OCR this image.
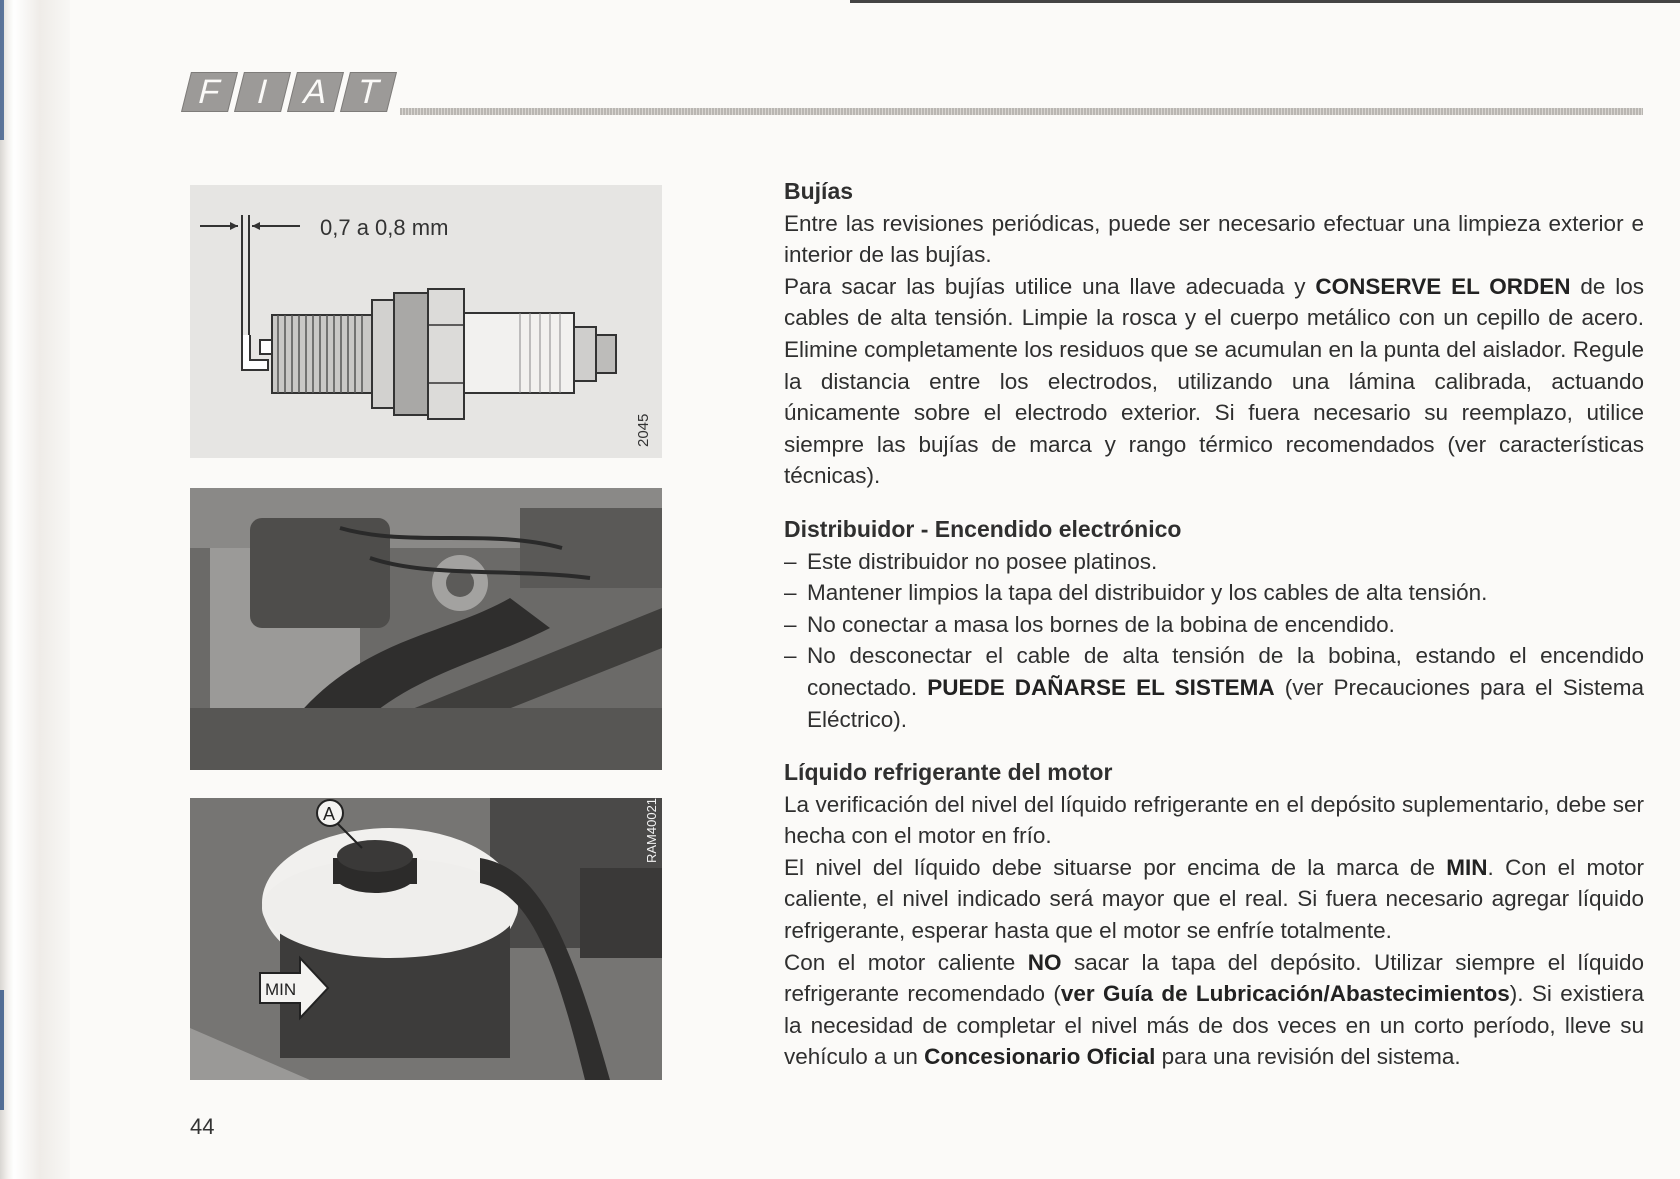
F I A T
0,7 a 0,8 mm
2045
A
MIN
RAM40021
Bujías

Entre las revisiones periódicas, puede ser necesario efectuar una limpieza exterior e interior de las bujías.

Para sacar las bujías utilice una llave adecuada y CONSERVE EL ORDEN de los cables de alta tensión. Limpie la rosca y el cuerpo metálico con un cepillo de acero. Elimine completamente los residuos que se acumulan en la punta del aislador. Regule la distancia entre los electrodos, utilizando una lámina calibrada, actuando únicamente sobre el electrodo exterior. Si fuera necesario su reemplazo, utilice siempre las bujías de marca y rango térmico recomendados (ver características técnicas).

Distribuidor - Encendido electrónico
– Este distribuidor no posee platinos.
– Mantener limpios la tapa del distribuidor y los cables de alta tensión.
– No conectar a masa los bornes de la bobina de encendido.
– No desconectar el cable de alta tensión de la bobina, estando el encendido conectado. PUEDE DAÑARSE EL SISTEMA (ver Precauciones para el Sistema Eléctrico).
Líquido refrigerante del motor

La verificación del nivel del líquido refrigerante en el depósito suplementario, debe ser hecha con el motor en frío.

El nivel del líquido debe situarse por encima de la marca de MIN. Con el motor caliente, el nivel indicado será mayor que el real. Si fuera necesario agregar líquido refrigerante, esperar hasta que el motor se enfríe totalmente.

Con el motor caliente NO sacar la tapa del depósito. Utilizar siempre el líquido refrigerante recomendado (ver Guía de Lubricación/Abastecimientos). Si existiera la necesidad de completar el nivel más de dos veces en un corto período, lleve su vehículo a un Concesionario Oficial para una revisión del sistema.

44
